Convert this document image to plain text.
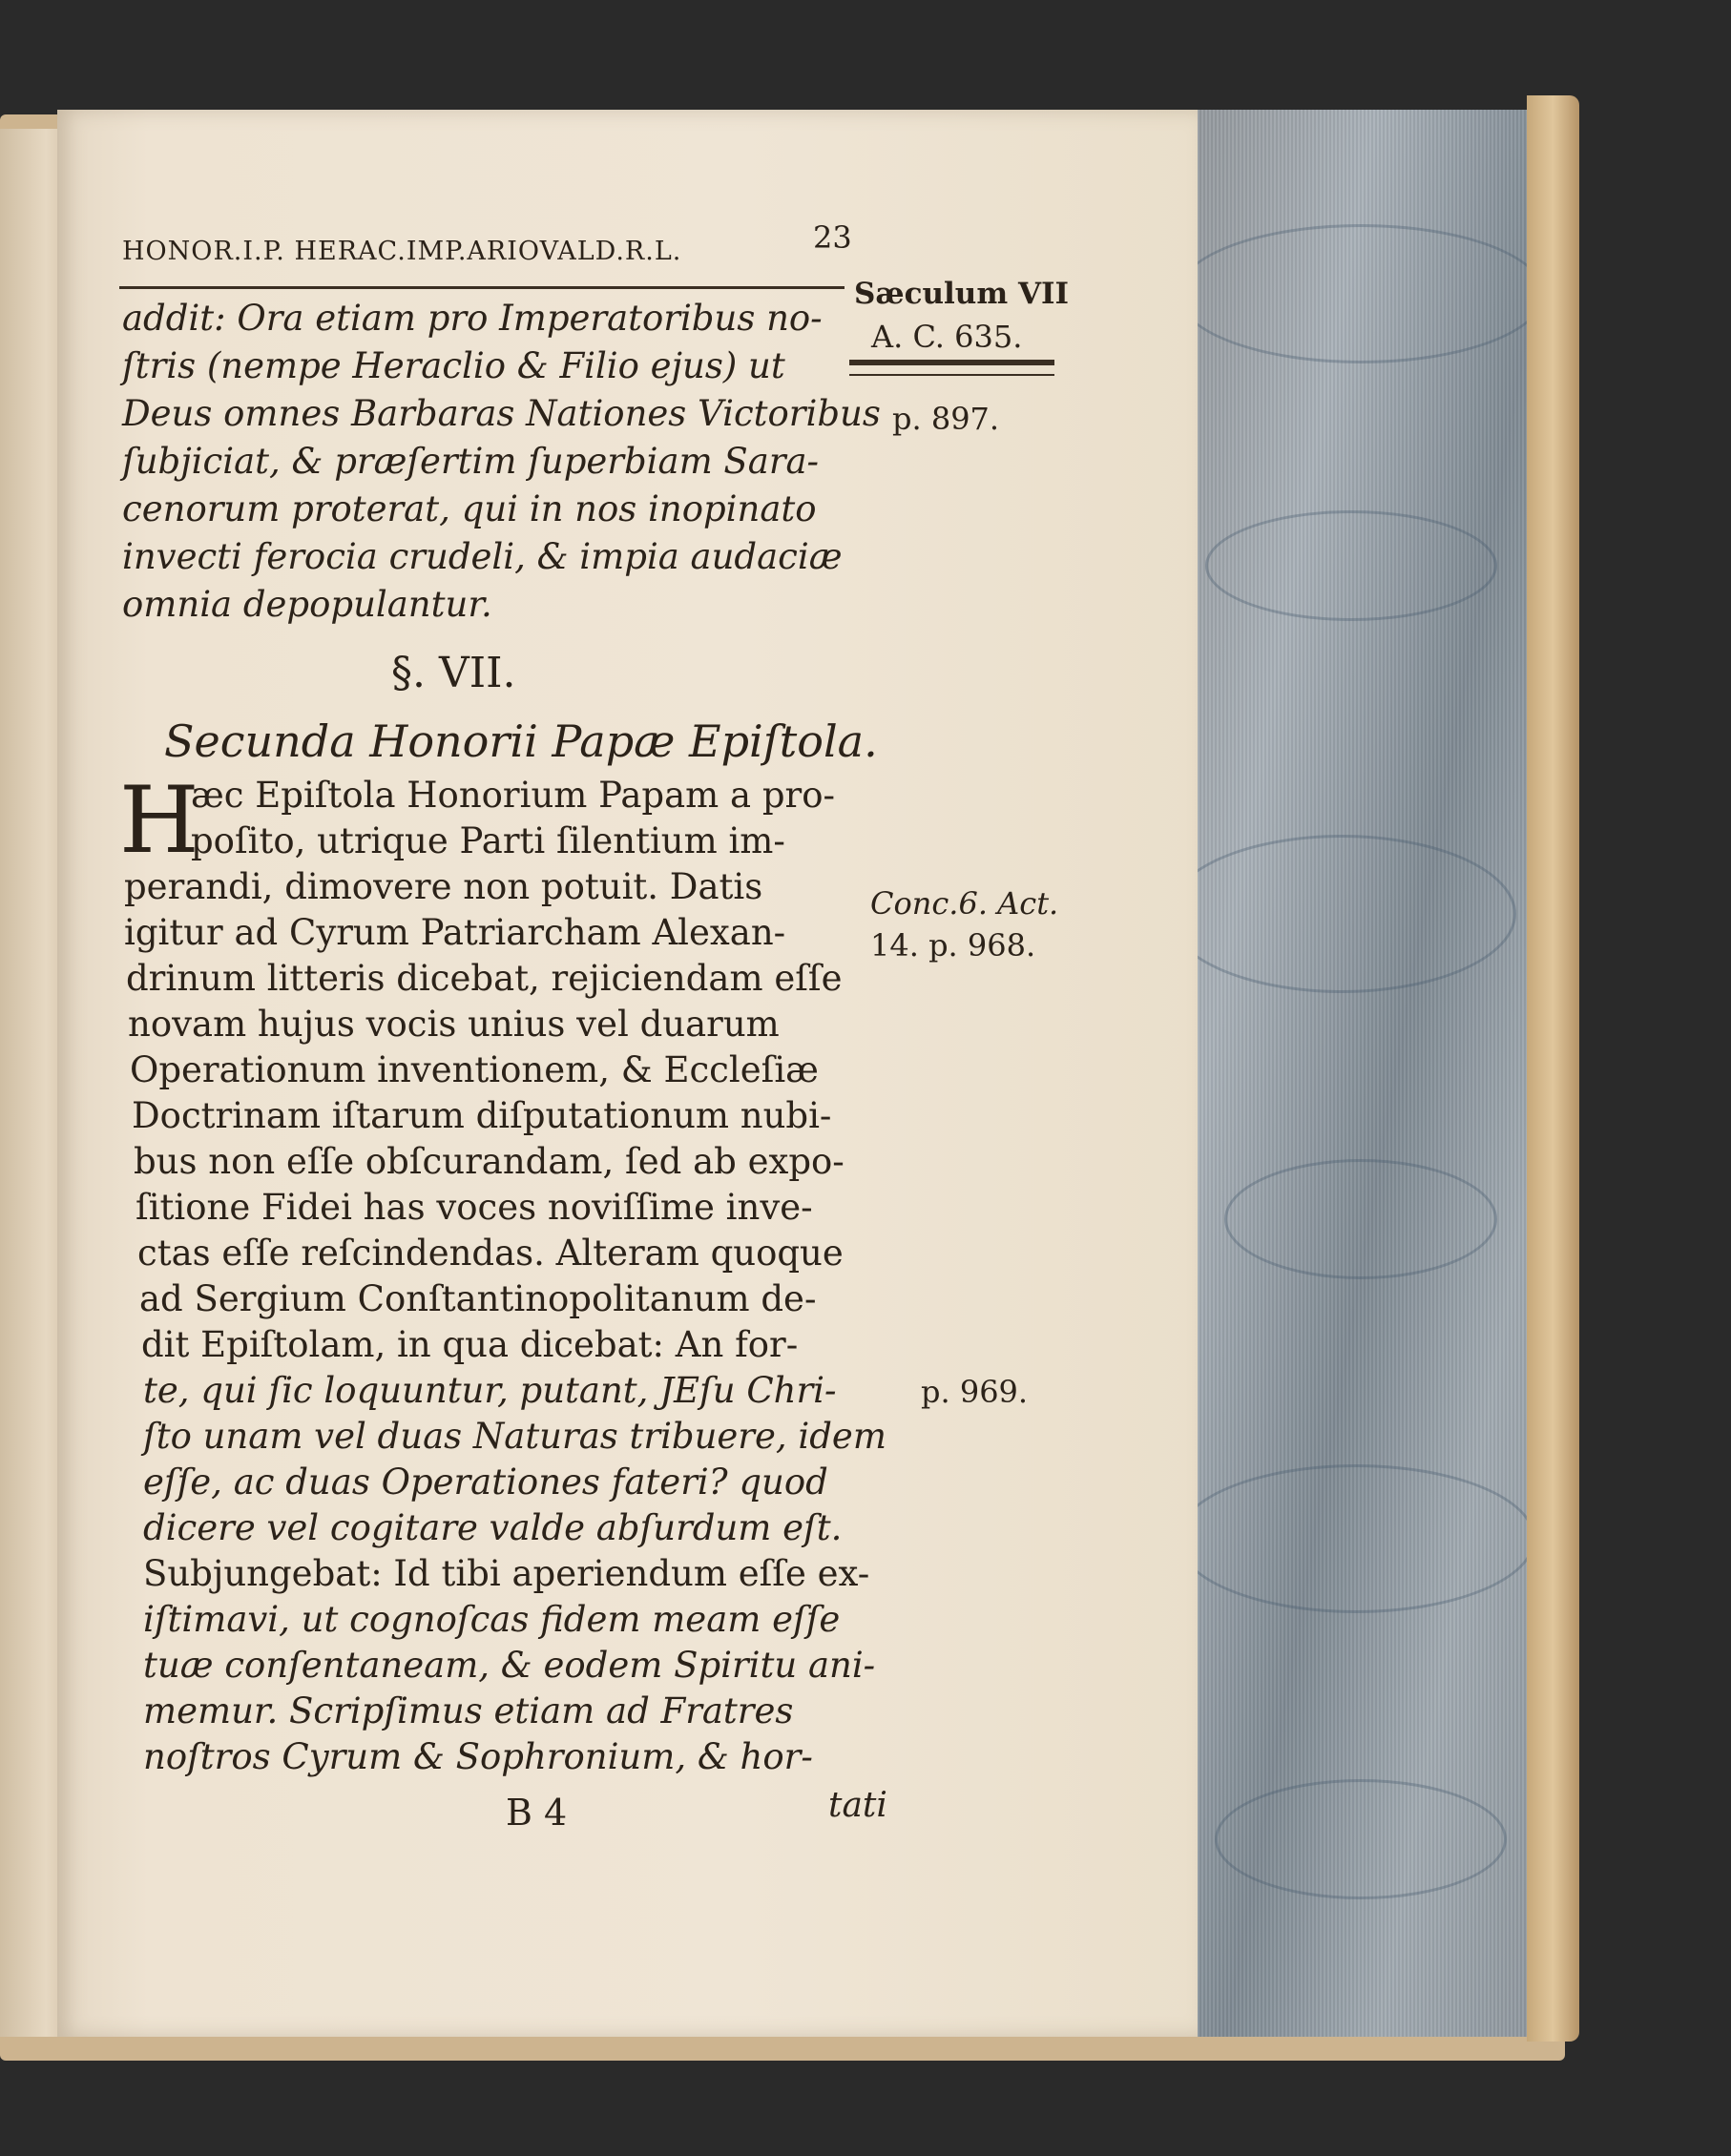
HONOR.I.P. HERAC.IMP.ARIOVALD.R.L.	23
addit: Ora etiam pro Imperatoribus no-
ſtris (nempe Heraclio & Filio ejus) ut
Deus omnes Barbaras Nationes Victoribus
ſubjiciat, & præſertim ſuperbiam Sara-
cenorum proterat, qui in nos inopinato
invecti ferocia crudeli, & impia audaciæ
omnia depopulantur.
§. VII.
Secunda Honorii Papæ Epiſtola.
H
æc Epiſtola Honorium Papam a pro-
poſito, utrique Parti ſilentium im-
perandi, dimovere non potuit. Datis
igitur ad Cyrum Patriarcham Alexan-
drinum litteris dicebat, rejiciendam eſſe
novam hujus vocis unius vel duarum
Operationum inventionem, & Eccleſiæ
Doctrinam iſtarum diſputationum nubi-
bus non eſſe obſcurandam, ſed ab expo-
ſitione Fidei has voces noviſſime inve-
ctas eſſe reſcindendas. Alteram quoque
ad Sergium Conſtantinopolitanum de-
dit Epiſtolam, in qua dicebat: An for-
te, qui ſic loquuntur, putant, JEſu Chri-
ſto unam vel duas Naturas tribuere, idem
eſſe, ac duas Operationes fateri? quod
dicere vel cogitare valde abſurdum eſt.
Subjungebat: Id tibi aperiendum eſſe ex-
iſtimavi, ut cognoſcas fidem meam eſſe
tuæ conſentaneam, & eodem Spiritu ani-
memur. Scripſimus etiam ad Fratres
noſtros Cyrum & Sophronium, & hor-
B 4	tati
Sæculum VII
A. C. 635.
p. 897.
Conc.6. Act.
14. p. 968.
p. 969.
